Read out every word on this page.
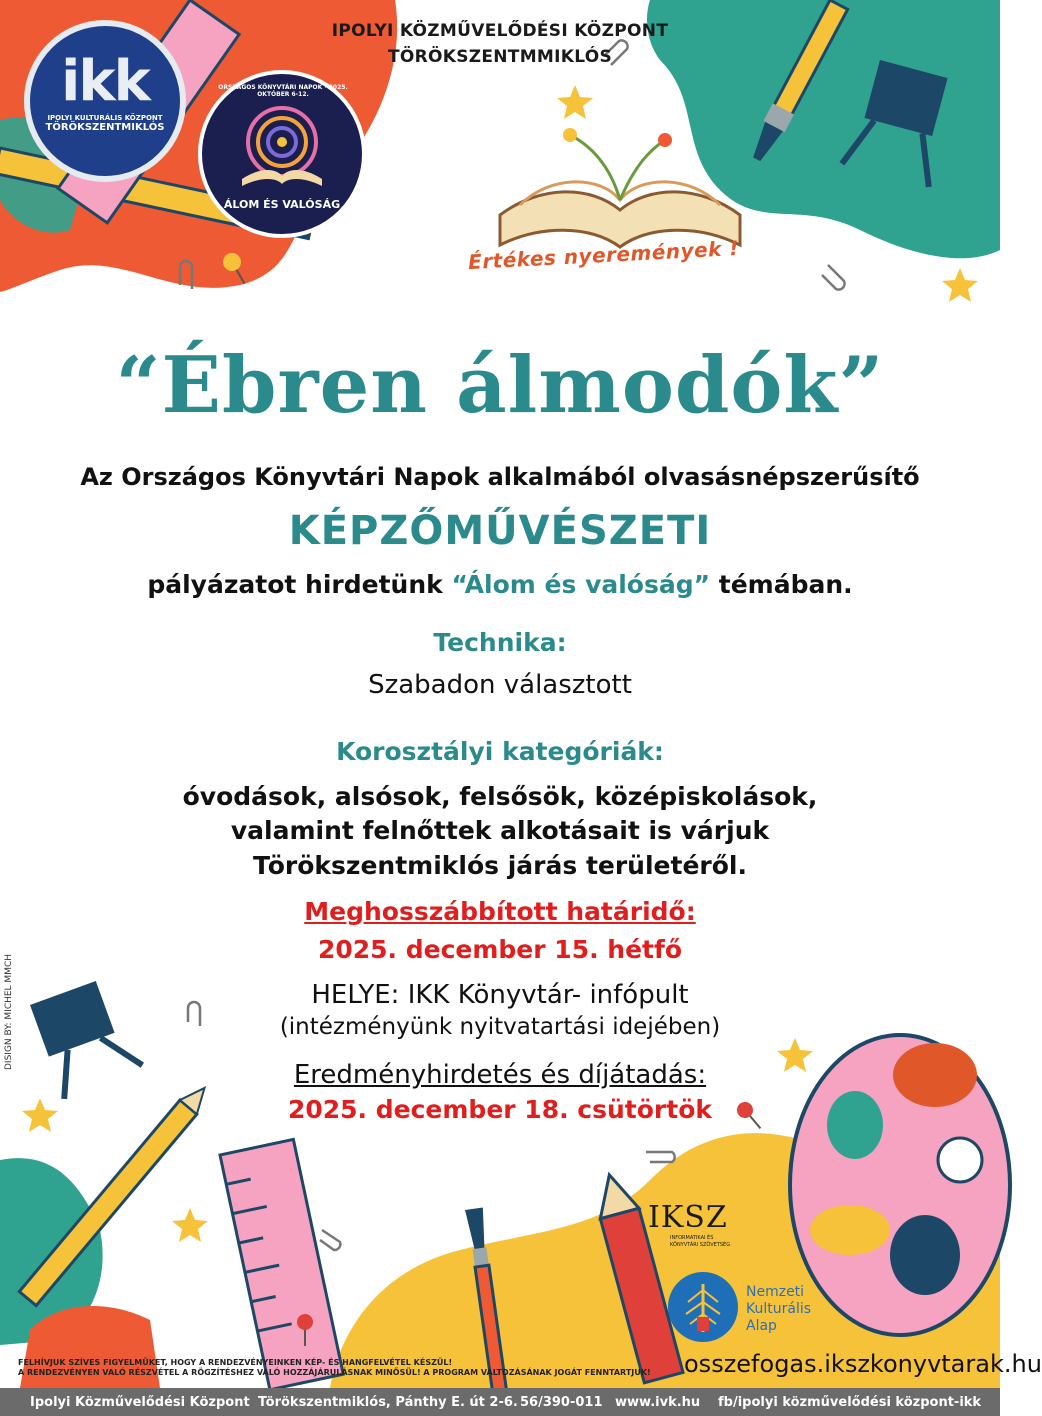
IPOLYI KÖZMŰVELŐDÉSI KÖZPONT
TÖRÖKSZENTMMIKLÓS
ikk
IPOLYI KULTURÁLIS KÖZPONT
TÖRÖKSZENTMIKLÓS
ORSZÁGOS KÖNYVTÁRI NAPOK · 2025. OKTÓBER 6-12.
ÁLOM ÉS VALÓSÁG
Értékes nyeremények !
“Ébren álmodók”
Az Országos Könyvtári Napok alkalmából olvasásnépszerűsítő
KÉPZŐMŰVÉSZETI
pályázatot hirdetünk “Álom és valóság” témában.
Technika:
Szabadon választott
Korosztályi kategóriák:
óvodások, alsósok, felsősök, középiskolások,
valamint felnőttek alkotásait is várjuk
Törökszentmiklós járás területéről.
Meghosszábbított határidő:
2025. december 15. hétfő
HELYE: IKK Könyvtár- infópult
(intézményünk nyitvatartási idejében)
Eredményhirdetés és díjátadás:
2025. december 18. csütörtök
IKSZ
INFORMATIKAI ÉS KÖNYVTÁRI SZÖVETSÉG
Nemzeti
Kulturális
Alap
DISIGN BY: MICHEL MMCH
FELHÍVJUK SZÍVES FIGYELMÜKET, HOGY A RENDEZVÉNYEINKEN KÉP- ÉS HANGFELVÉTEL KÉSZÜL!
A RENDEZVÉNYEN VALÓ RÉSZVÉTEL A RÖGZÍTÉSHEZ VALÓ HOZZÁJÁRULÁSNAK MINŐSÜL! A PROGRAM VÁLTOZÁSÁNAK JOGÁT FENNTARTJUK!	osszefogas.ikszkonyvtarak.hu
Ipolyi Közművelődési Központ Törökszentmiklós, Pánthy E. út 2-6. 56/390-011 www.ivk.hu fb/ipolyi közművelődési központ-ikk
